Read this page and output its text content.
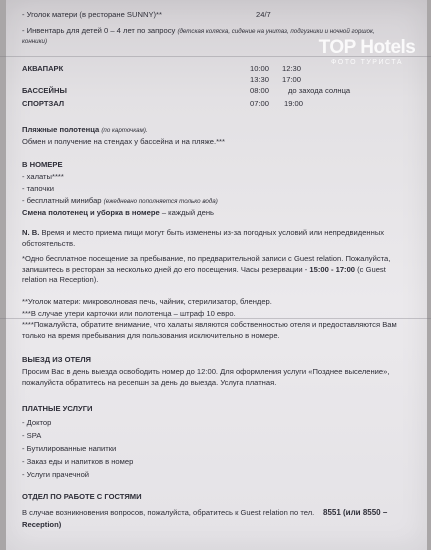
- Уголок матери (в ресторане SUNNY)**	24/7
- Инвентарь для детей 0 – 4 лет по запросу (детская коляска, сидение на унитаз, подгузники и ночной горшок,
конники)
АКВАПАРК	10:00 12:30
13:30 17:00
БАССЕЙНЫ	08:00 до захода солнца
СПОРТЗАЛ	07:00 19:00
Пляжные полотенца (по карточкам).
Обмен и получение на стендах у бассейна и на пляже.***
В НОМЕРЕ
- халаты****
- тапочки
- бесплатный минибар (ежедневно пополняется только вода)
Смена полотенец и уборка в номере – каждый день
N. B. Время и место приема пищи могут быть изменены из-за погодных условий или непредвиденных обстоятельств.
*Одно бесплатное посещение за пребывание, по предварительной записи с Guest relation. Пожалуйста, запишитесь в ресторан за несколько дней до его посещения. Часы резервации - 15:00 - 17:00 (с Guest relation на Reception).
**Уголок матери: микроволновая печь, чайник, стерилизатор, блендер.
***В случае утери карточки или полотенца – штраф 10 евро.
****Пожалуйста, обратите внимание, что халаты являются собственностью отеля и предоставляются Вам только на время пребывания для пользования исключительно в номере.
ВЫЕЗД ИЗ ОТЕЛЯ
Просим Вас в день выезда освободить номер до 12:00. Для оформления услуги «Позднее выселение», пожалуйста обратитесь на ресепшн за день до выезда. Услуга платная.
ПЛАТНЫЕ УСЛУГИ
- Доктор
- SPA
- Бутилированные напитки
- Заказ еды и напитков в номер
- Услуги прачечной
ОТДЕЛ ПО РАБОТЕ С ГОСТЯМИ
В случае возникновения вопросов, пожалуйста, обратитесь к Guest relation по тел. 8551 (или 8550 –
Reception)
TOP Hotels
ФОТО ТУРИСТА
